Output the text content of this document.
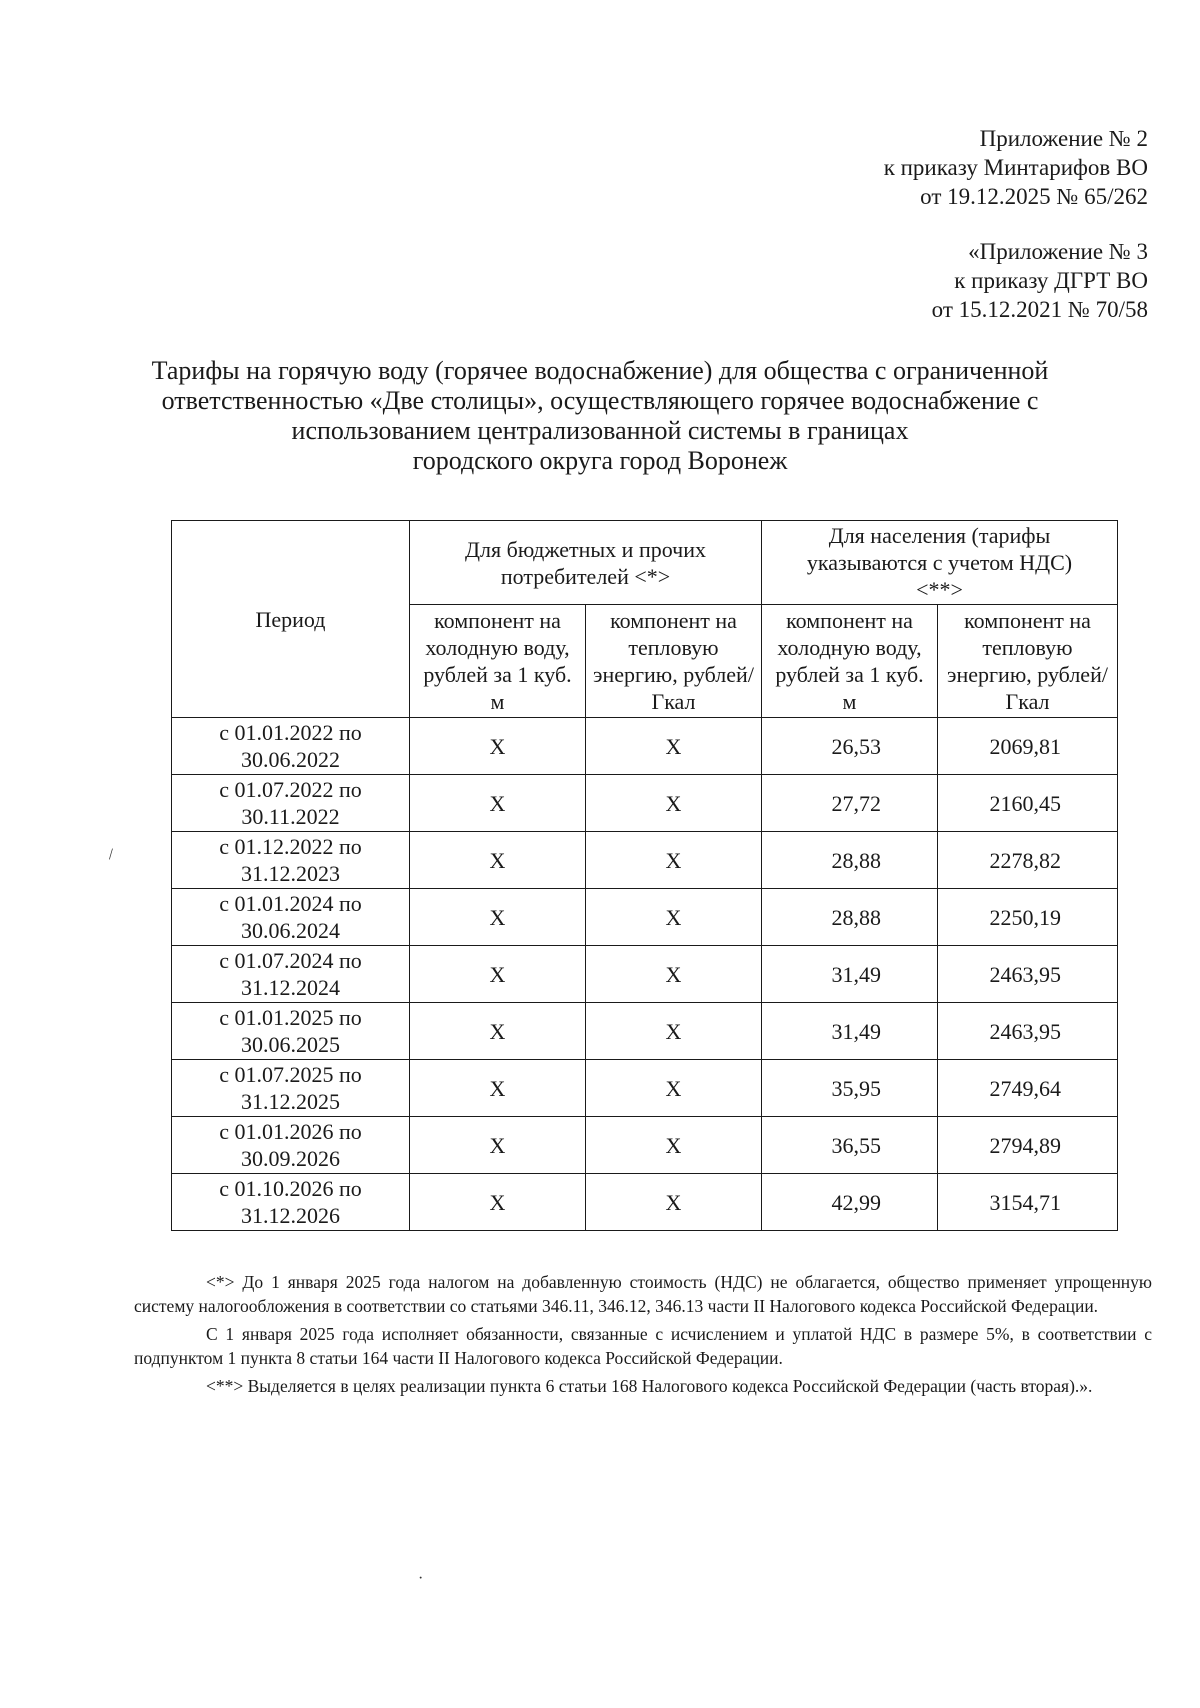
Приложение № 2
к приказу Минтарифов ВО
от 19.12.2025 № 65/262
«Приложение № 3
к приказу ДГРТ ВО
от 15.12.2021 № 70/58
Тарифы на горячую воду (горячее водоснабжение) для общества с ограниченной
ответственностью «Две столицы», осуществляющего горячее водоснабжение с
использованием централизованной системы в границах
городского округа город Воронеж
Период	Для бюджетных и прочих потребителей <*>		Для населения (тарифы указываются с учетом НДС) <**>	
	компонент на холодную воду, рублей за 1 куб. м	компонент на тепловую энергию, рублей/Гкал	компонент на холодную воду, рублей за 1 куб. м	компонент на тепловую энергию, рублей/Гкал
с 01.01.2022 по 30.06.2022	X	X	26,53	2069,81
с 01.07.2022 по 30.11.2022	X	X	27,72	2160,45
с 01.12.2022 по 31.12.2023	X	X	28,88	2278,82
с 01.01.2024 по 30.06.2024	X	X	28,88	2250,19
с 01.07.2024 по 31.12.2024	X	X	31,49	2463,95
с 01.01.2025 по 30.06.2025	X	X	31,49	2463,95
с 01.07.2025 по 31.12.2025	X	X	35,95	2749,64
с 01.01.2026 по 30.09.2026	X	X	36,55	2794,89
с 01.10.2026 по 31.12.2026	X	X	42,99	3154,71

<*> До 1 января 2025 года налогом на добавленную стоимость (НДС) не облагается, общество применяет упрощенную систему налогообложения в соответствии со статьями 346.11, 346.12, 346.13 части II Налогового кодекса Российской Федерации.

С 1 января 2025 года исполняет обязанности, связанные с исчислением и уплатой НДС в размере 5%, в соответствии с подпунктом 1 пункта 8 статьи 164 части II Налогового кодекса Российской Федерации.

<**> Выделяется в целях реализации пункта 6 статьи 168 Налогового кодекса Российской Федерации (часть вторая).».

\
·
